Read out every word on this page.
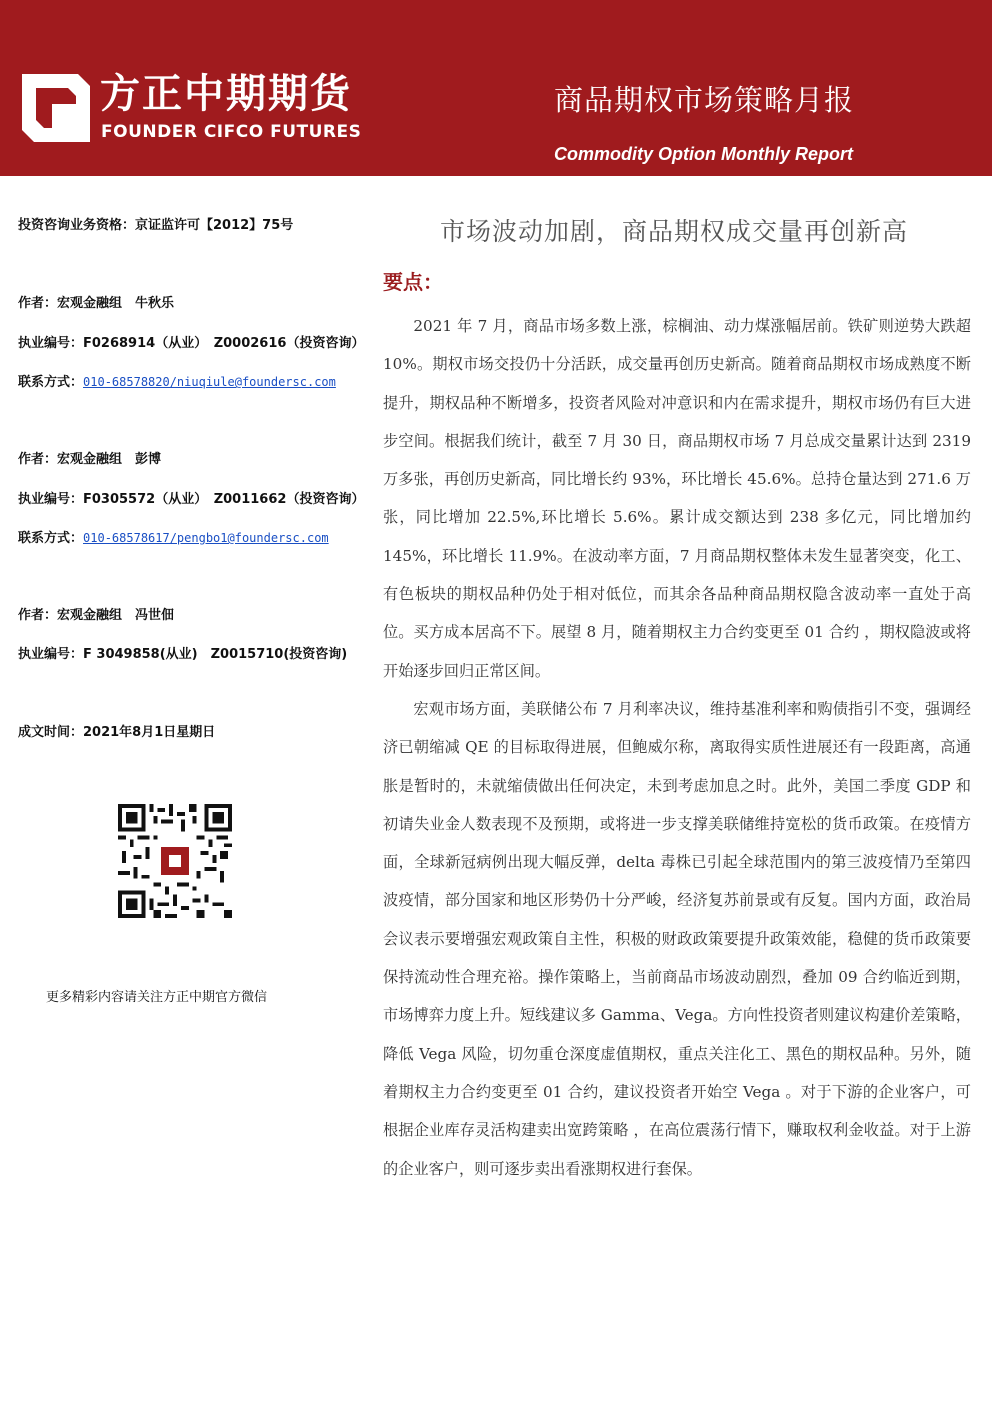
方正中期期货
FOUNDER CIFCO FUTURES
商品期权市场策略月报
Commodity Option Monthly Report
投资咨询业务资格：京证监许可【2012】75号
作者：宏观金融组　牛秋乐
执业编号：F0268914（从业）　Z0002616（投资咨询）
联系方式：010-68578820/niuqiule@foundersc.com
作者：宏观金融组　彭博
执业编号：F0305572（从业）　Z0011662（投资咨询）
联系方式：010-68578617/pengbo1@foundersc.com
作者：宏观金融组　冯世佃
执业编号：F 3049858(从业)　Z0015710(投资咨询)
成文时间：2021年8月1日星期日
更多精彩内容请关注方正中期官方微信
市场波动加剧，商品期权成交量再创新高
要点：

2021 年 7 月，商品市场多数上涨，棕榈油、动力煤涨幅居前。铁矿则逆势大跌超 10%。期权市场交投仍十分活跃，成交量再创历史新高。随着商品期权市场成熟度不断提升，期权品种不断增多，投资者风险对冲意识和内在需求提升，期权市场仍有巨大进步空间。根据我们统计，截至 7 月 30 日，商品期权市场 7 月总成交量累计达到 2319 万多张，再创历史新高，同比增长约 93%，环比增长 45.6%。总持仓量达到 271.6 万张，同比增加 22.5%,环比增长 5.6%。累计成交额达到 238 多亿元，同比增加约 145%，环比增长 11.9%。在波动率方面，7 月商品期权整体未发生显著突变，化工、有色板块的期权品种仍处于相对低位，而其余各品种商品期权隐含波动率一直处于高位。买方成本居高不下。展望 8 月，随着期权主力合约变更至 01 合约 ，期权隐波或将开始逐步回归正常区间。

宏观市场方面，美联储公布 7 月利率决议，维持基准利率和购债指引不变，强调经济已朝缩减 QE 的目标取得进展，但鲍威尔称，离取得实质性进展还有一段距离，高通胀是暂时的，未就缩债做出任何决定，未到考虑加息之时。此外，美国二季度 GDP 和初请失业金人数表现不及预期，或将进一步支撑美联储维持宽松的货币政策。在疫情方面，全球新冠病例出现大幅反弹，delta 毒株已引起全球范围内的第三波疫情乃至第四波疫情，部分国家和地区形势仍十分严峻，经济复苏前景或有反复。国内方面，政治局会议表示要增强宏观政策自主性，积极的财政政策要提升政策效能，稳健的货币政策要保持流动性合理充裕。操作策略上，当前商品市场波动剧烈，叠加 09 合约临近到期，市场博弈力度上升。短线建议多 Gamma、Vega。方向性投资者则建议构建价差策略，降低 Vega 风险，切勿重仓深度虚值期权，重点关注化工、黑色的期权品种。另外，随着期权主力合约变更至 01 合约，建议投资者开始空 Vega 。对于下游的企业客户，可根据企业库存灵活构建卖出宽跨策略 ，在高位震荡行情下，赚取权利金收益。对于上游的企业客户，则可逐步卖出看涨期权进行套保。
